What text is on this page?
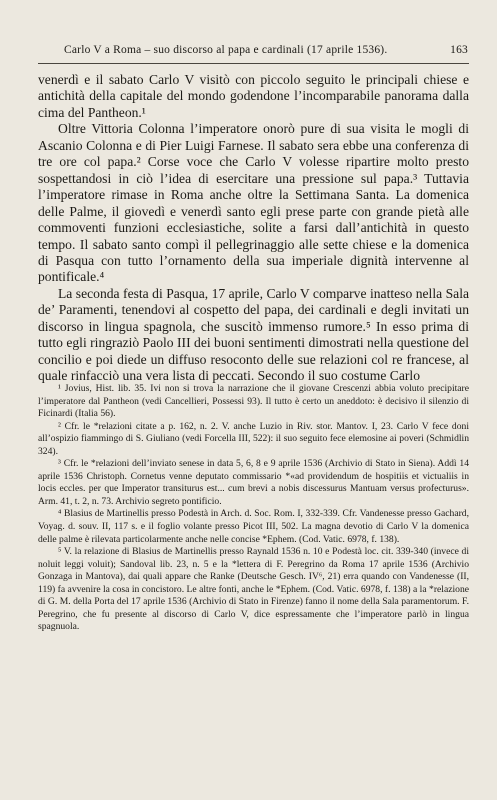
Carlo V a Roma – suo discorso al papa e cardinali (17 aprile 1536).	163

venerdì e il sabato Carlo V visitò con piccolo seguito le principali chiese e antichità della capitale del mondo godendone l’incomparabile panorama dalla cima del Pantheon.¹

Oltre Vittoria Colonna l’imperatore onorò pure di sua visita le mogli di Ascanio Colonna e di Pier Luigi Farnese. Il sabato sera ebbe una conferenza di tre ore col papa.² Corse voce che Carlo V volesse ripartire molto presto sospettandosi in ciò l’idea di esercitare una pressione sul papa.³ Tuttavia l’imperatore rimase in Roma anche oltre la Settimana Santa. La domenica delle Palme, il giovedì e venerdì santo egli prese parte con grande pietà alle commoventi funzioni ecclesiastiche, solite a farsi dall’antichità in questo tempo. Il sabato santo compì il pellegrinaggio alle sette chiese e la domenica di Pasqua con tutto l’ornamento della sua imperiale dignità intervenne al pontificale.⁴

La seconda festa di Pasqua, 17 aprile, Carlo V comparve inatteso nella Sala de’ Paramenti, tenendovi al cospetto del papa, dei cardinali e degli invitati un discorso in lingua spagnola, che suscitò immenso rumore.⁵ In esso prima di tutto egli ringraziò Paolo III dei buoni sentimenti dimostrati nella questione del concilio e poi diede un diffuso resoconto delle sue relazioni col re francese, al quale rinfacciò una vera lista di peccati. Secondo il suo costume Carlo

¹ Jovius, Hist. lib. 35. Ivi non si trova la narrazione che il giovane Crescenzi abbia voluto precipitare l’imperatore dal Pantheon (vedi Cancellieri, Possessi 93). Il tutto è certo un aneddoto: è decisivo il silenzio di Ficinardi (Italia 56).

² Cfr. le *relazioni citate a p. 162, n. 2. V. anche Luzio in Riv. stor. Mantov. I, 23. Carlo V fece doni all’ospizio fiammingo di S. Giuliano (vedi Forcella III, 522): il suo seguito fece elemosine ai poveri (Schmidlin 324).

³ Cfr. le *relazioni dell’inviato senese in data 5, 6, 8 e 9 aprile 1536 (Archivio di Stato in Siena). Addì 14 aprile 1536 Christoph. Cornetus venne deputato commissario *«ad providendum de hospitiis et victualiis in locis eccles. per que Imperator transiturus est... cum brevi a nobis discessurus Mantuam versus profecturus». Arm. 41, t. 2, n. 73. Archivio segreto pontificio.

⁴ Blasius de Martinellis presso Podestà in Arch. d. Soc. Rom. I, 332-339. Cfr. Vandenesse presso Gachard, Voyag. d. souv. II, 117 s. e il foglio volante presso Picot III, 502. La magna devotio di Carlo V la domenica delle palme è rilevata particolarmente anche nelle concise *Ephem. (Cod. Vatic. 6978, f. 138).

⁵ V. la relazione di Blasius de Martinellis presso Raynald 1536 n. 10 e Podestà loc. cit. 339-340 (invece di noluit leggi voluit); Sandoval lib. 23, n. 5 e la *lettera di F. Peregrino da Roma 17 aprile 1536 (Archivio Gonzaga in Mantova), dai quali appare che Ranke (Deutsche Gesch. IV⁶, 21) erra quando con Vandenesse (II, 119) fa avvenire la cosa in concistoro. Le altre fonti, anche le *Ephem. (Cod. Vatic. 6978, f. 138) a la *relazione di G. M. della Porta del 17 aprile 1536 (Archivio di Stato in Firenze) fanno il nome della Sala paramentorum. F. Peregrino, che fu presente al discorso di Carlo V, dice espressamente che l’imperatore parlò in lingua spagnuola.
